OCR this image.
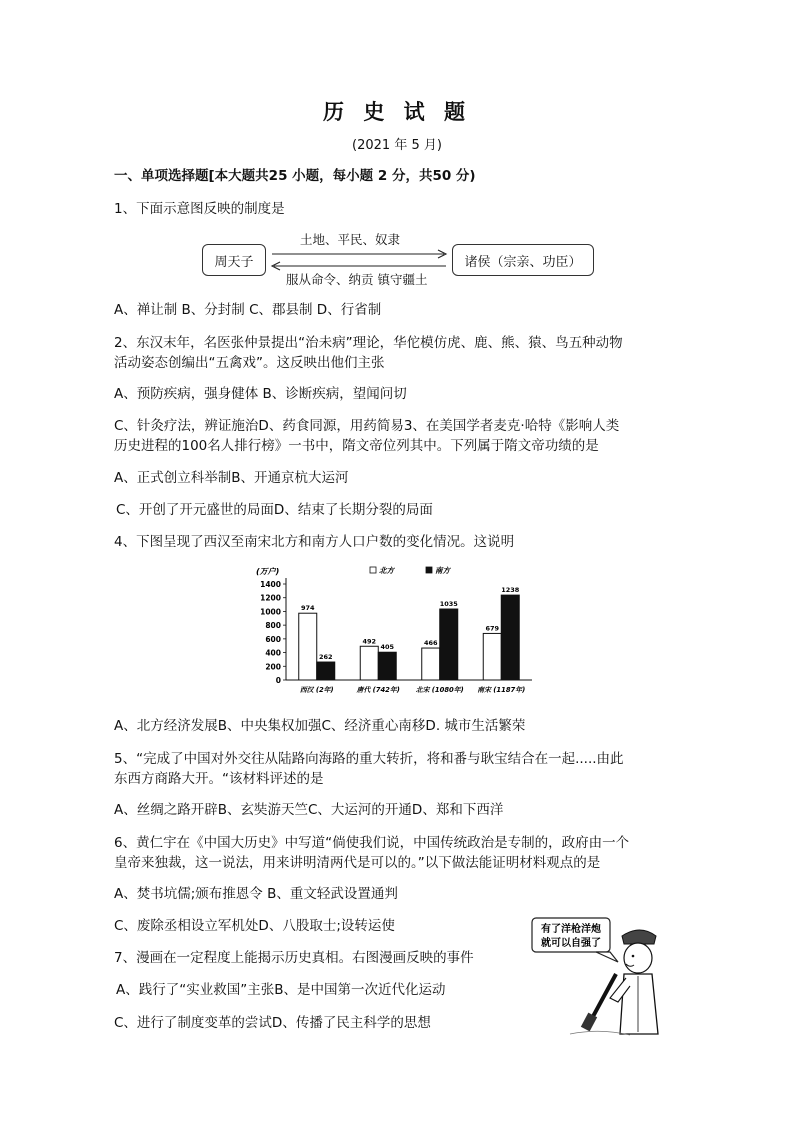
历 史 试 题
(2021 年 5 月)
一、单项选择题[本大题共25 小题，每小题 2 分，共50 分)
1、下面示意图反映的制度是
周天子	诸侯（宗亲、功臣）
土地、平民、奴隶
服从命令、纳贡 镇守疆土
A、禅让制 B、分封制 C、郡县制 D、行省制
2、东汉末年，名医张仲景提出“治未病”理论，华佗模仿虎、鹿、熊、猿、鸟五种动物
活动姿态创编出“五禽戏”。这反映出他们主张
A、预防疾病，强身健体 B、诊断疾病，望闻问切
C、针灸疗法，辨证施治D、药食同源，用药简易3、在美国学者麦克·哈特《影响人类
历史进程的100名人排行榜》一书中，隋文帝位列其中。下列属于隋文帝功绩的是
A、正式创立科举制B、开通京杭大运河
C、开创了开元盛世的局面D、结束了长期分裂的局面
4、下图呈现了西汉至南宋北方和南方人口户数的变化情况。这说明
(万户)
1400
1200
1000
800
600
400
200
0
北方	南方
974
262
西汉 (2年)
492
405
唐代 (742年)
466
1035
北宋 (1080年)
679
1238
南宋 (1187年)
A、北方经济发展B、中央集权加强C、经济重心南移D. 城市生活繁荣
5、“完成了中国对外交往从陆路向海路的重大转折，将和番与耿宝结合在一起.....由此
东西方商路大开。“该材料评述的是
A、丝绸之路开辟B、玄奘游天竺C、大运河的开通D、郑和下西洋
6、黄仁宇在《中国大历史》中写道“倘使我们说，中国传统政治是专制的，政府由一个
皇帝来独裁，这一说法，用来讲明清两代是可以的。”以下做法能证明材料观点的是
A、焚书坑儒;颁布推恩令 B、重文轻武设置通判
C、废除丞相设立军机处D、八股取士;设转运使
7、漫画在一定程度上能揭示历史真相。右图漫画反映的事件
A、践行了“实业救国”主张B、是中国第一次近代化运动
C、进行了制度变革的尝试D、传播了民主科学的思想
有了洋枪洋炮
就可以自强了
